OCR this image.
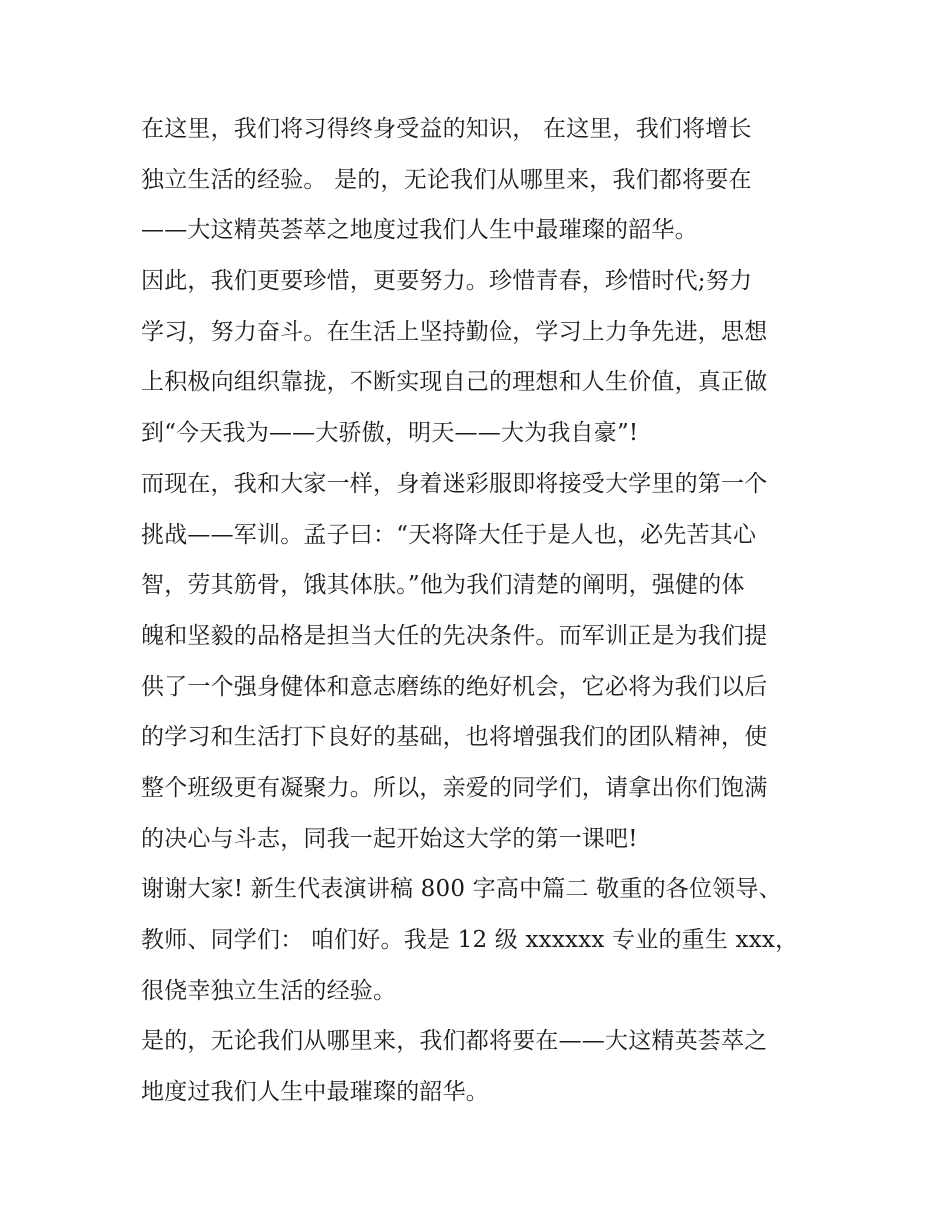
在这里，我们将习得终身受益的知识， 在这里，我们将增长
独立生活的经验。 是的，无论我们从哪里来，我们都将要在
——大这精英荟萃之地度过我们人生中最璀璨的韶华。
因此，我们更要珍惜，更要努力。珍惜青春，珍惜时代;努力
学习，努力奋斗。在生活上坚持勤俭，学习上力争先进，思想
上积极向组织靠拢，不断实现自己的理想和人生价值，真正做
到“今天我为——大骄傲，明天——大为我自豪”!
而现在，我和大家一样，身着迷彩服即将接受大学里的第一个
挑战——军训。孟子曰：“天将降大任于是人也，必先苦其心
智，劳其筋骨，饿其体肤。”他为我们清楚的阐明，强健的体
魄和坚毅的品格是担当大任的先决条件。而军训正是为我们提
供了一个强身健体和意志磨练的绝好机会，它必将为我们以后
的学习和生活打下良好的基础，也将增强我们的团队精神，使
整个班级更有凝聚力。所以，亲爱的同学们，请拿出你们饱满
的决心与斗志，同我一起开始这大学的第一课吧!
谢谢大家! 新生代表演讲稿 800 字高中篇二 敬重的各位领导、
教师、同学们： 咱们好。我是 12 级 xxxxxx 专业的重生 xxx，
很侥幸独立生活的经验。
是的，无论我们从哪里来，我们都将要在——大这精英荟萃之
地度过我们人生中最璀璨的韶华。
